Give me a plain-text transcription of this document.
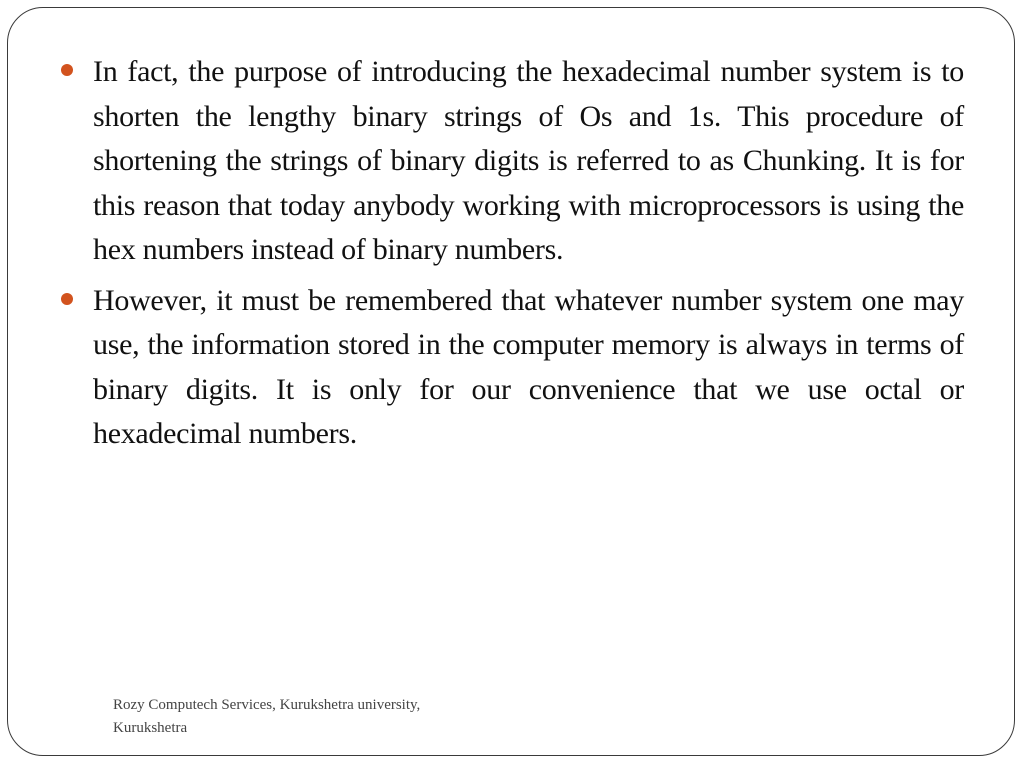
In fact, the purpose of introducing the hexadecimal number system is to shorten the lengthy binary strings of Os and 1s. This procedure of shortening the strings of binary digits is referred to as Chunking. It is for this reason that today anybody working with microprocessors is using the hex numbers instead of binary numbers.
However, it must be remembered that whatever number system one may use, the information stored in the computer memory is always in terms of binary digits. It is only for our convenience that we use octal or hexadecimal numbers.
Rozy Computech Services, Kurukshetra university,
Kurukshetra
